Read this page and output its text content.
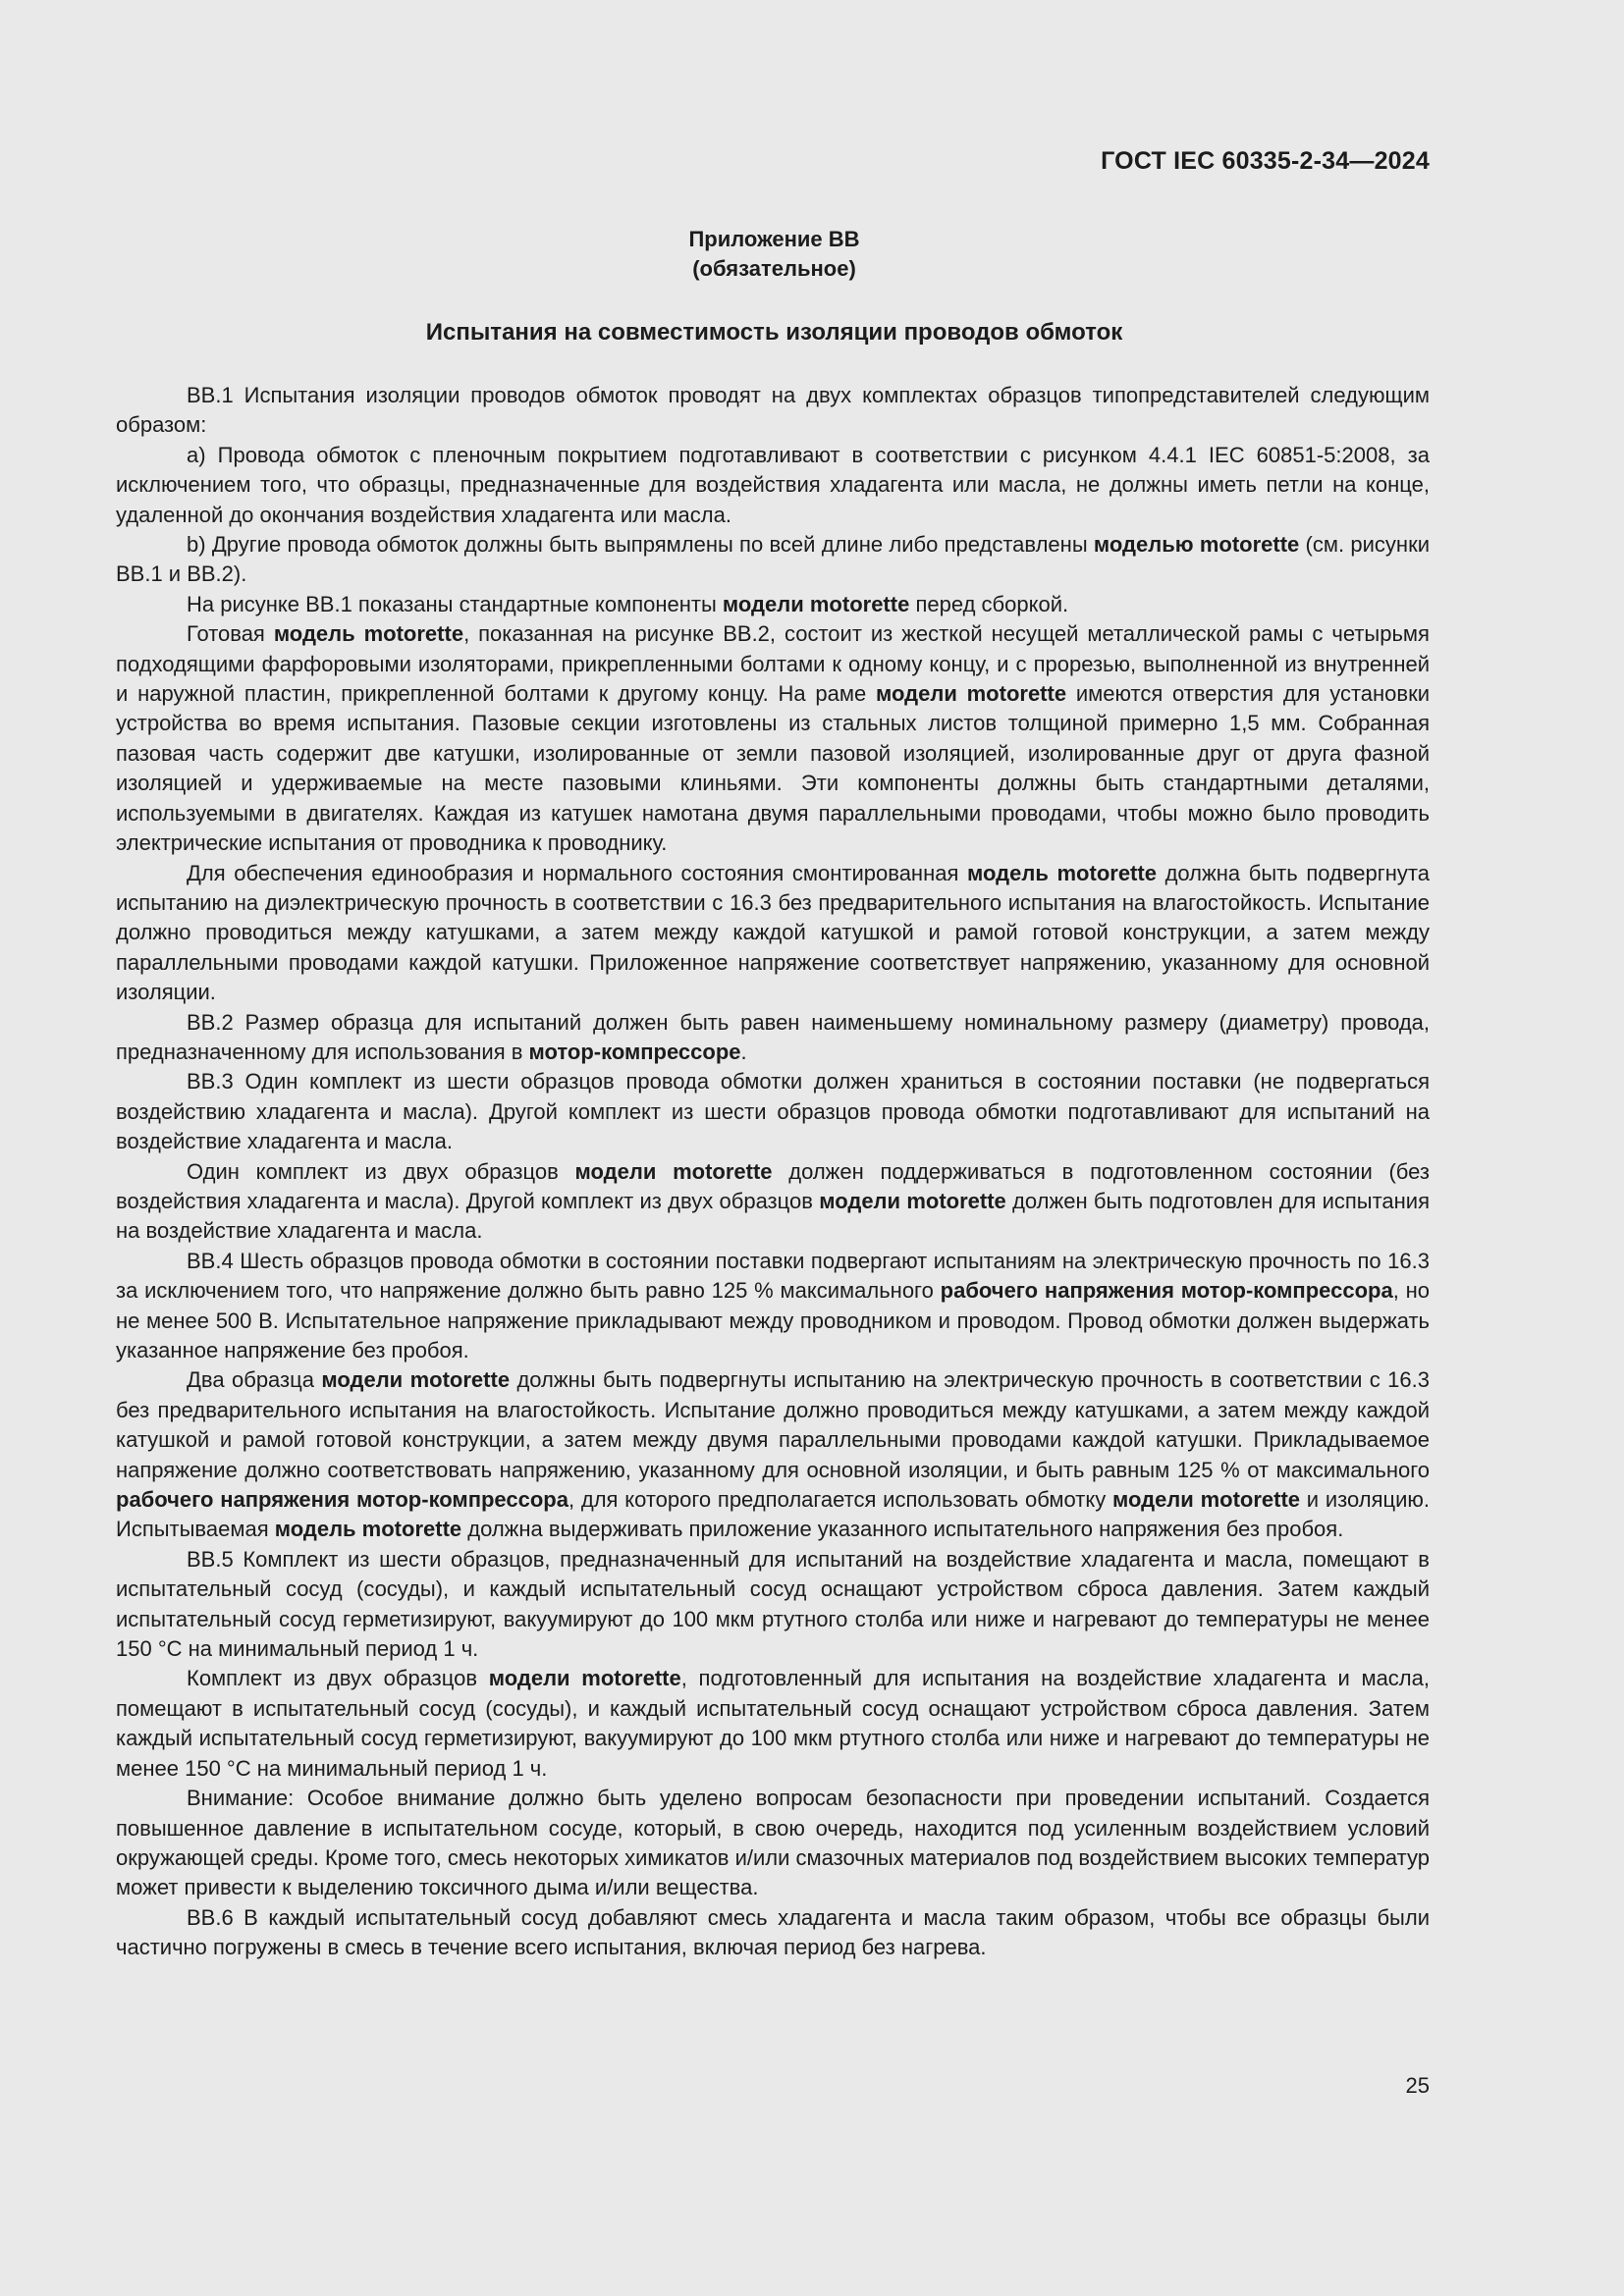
ГОСТ IEC 60335-2-34—2024
Приложение ВВ
(обязательное)
Испытания на совместимость изоляции проводов обмоток

ВВ.1 Испытания изоляции проводов обмоток проводят на двух комплектах образцов типопредставителей следующим образом:

а) Провода обмоток с пленочным покрытием подготавливают в соответствии с рисунком 4.4.1 IEC 60851-5:2008, за исключением того, что образцы, предназначенные для воздействия хладагента или масла, не должны иметь петли на конце, удаленной до окончания воздействия хладагента или масла.

b) Другие провода обмоток должны быть выпрямлены по всей длине либо представлены моделью motorette (см. рисунки ВВ.1 и ВВ.2).

На рисунке ВВ.1 показаны стандартные компоненты модели motorette перед сборкой.

Готовая модель motorette, показанная на рисунке ВВ.2, состоит из жесткой несущей металлической рамы с четырьмя подходящими фарфоровыми изоляторами, прикрепленными болтами к одному концу, и с прорезью, выполненной из внутренней и наружной пластин, прикрепленной болтами к другому концу. На раме модели motorette имеются отверстия для установки устройства во время испытания. Пазовые секции изготовлены из стальных листов толщиной примерно 1,5 мм. Собранная пазовая часть содержит две катушки, изолированные от земли пазовой изоляцией, изолированные друг от друга фазной изоляцией и удерживаемые на месте пазовыми клиньями. Эти компоненты должны быть стандартными деталями, используемыми в двигателях. Каждая из катушек намотана двумя параллельными проводами, чтобы можно было проводить электрические испытания от проводника к проводнику.

Для обеспечения единообразия и нормального состояния смонтированная модель motorette должна быть подвергнута испытанию на диэлектрическую прочность в соответствии с 16.3 без предварительного испытания на влагостойкость. Испытание должно проводиться между катушками, а затем между каждой катушкой и рамой готовой конструкции, а затем между параллельными проводами каждой катушки. Приложенное напряжение соответствует напряжению, указанному для основной изоляции.

ВВ.2 Размер образца для испытаний должен быть равен наименьшему номинальному размеру (диаметру) провода, предназначенному для использования в мотор-компрессоре.

ВВ.3 Один комплект из шести образцов провода обмотки должен храниться в состоянии поставки (не подвергаться воздействию хладагента и масла). Другой комплект из шести образцов провода обмотки подготавливают для испытаний на воздействие хладагента и масла.

Один комплект из двух образцов модели motorette должен поддерживаться в подготовленном состоянии (без воздействия хладагента и масла). Другой комплект из двух образцов модели motorette должен быть подготовлен для испытания на воздействие хладагента и масла.

ВВ.4 Шесть образцов провода обмотки в состоянии поставки подвергают испытаниям на электрическую прочность по 16.3 за исключением того, что напряжение должно быть равно 125 % максимального рабочего напряжения мотор-компрессора, но не менее 500 В. Испытательное напряжение прикладывают между проводником и проводом. Провод обмотки должен выдержать указанное напряжение без пробоя.

Два образца модели motorette должны быть подвергнуты испытанию на электрическую прочность в соответствии с 16.3 без предварительного испытания на влагостойкость. Испытание должно проводиться между катушками, а затем между каждой катушкой и рамой готовой конструкции, а затем между двумя параллельными проводами каждой катушки. Прикладываемое напряжение должно соответствовать напряжению, указанному для основной изоляции, и быть равным 125 % от максимального рабочего напряжения мотор-компрессора, для которого предполагается использовать обмотку модели motorette и изоляцию. Испытываемая модель motorette должна выдерживать приложение указанного испытательного напряжения без пробоя.

ВВ.5 Комплект из шести образцов, предназначенный для испытаний на воздействие хладагента и масла, помещают в испытательный сосуд (сосуды), и каждый испытательный сосуд оснащают устройством сброса давления. Затем каждый испытательный сосуд герметизируют, вакуумируют до 100 мкм ртутного столба или ниже и нагревают до температуры не менее 150 °С на минимальный период 1 ч.

Комплект из двух образцов модели motorette, подготовленный для испытания на воздействие хладагента и масла, помещают в испытательный сосуд (сосуды), и каждый испытательный сосуд оснащают устройством сброса давления. Затем каждый испытательный сосуд герметизируют, вакуумируют до 100 мкм ртутного столба или ниже и нагревают до температуры не менее 150 °С на минимальный период 1 ч.

Внимание: Особое внимание должно быть уделено вопросам безопасности при проведении испытаний. Создается повышенное давление в испытательном сосуде, который, в свою очередь, находится под усиленным воздействием условий окружающей среды. Кроме того, смесь некоторых химикатов и/или смазочных материалов под воздействием высоких температур может привести к выделению токсичного дыма и/или вещества.

ВВ.6 В каждый испытательный сосуд добавляют смесь хладагента и масла таким образом, чтобы все образцы были частично погружены в смесь в течение всего испытания, включая период без нагрева.

25
